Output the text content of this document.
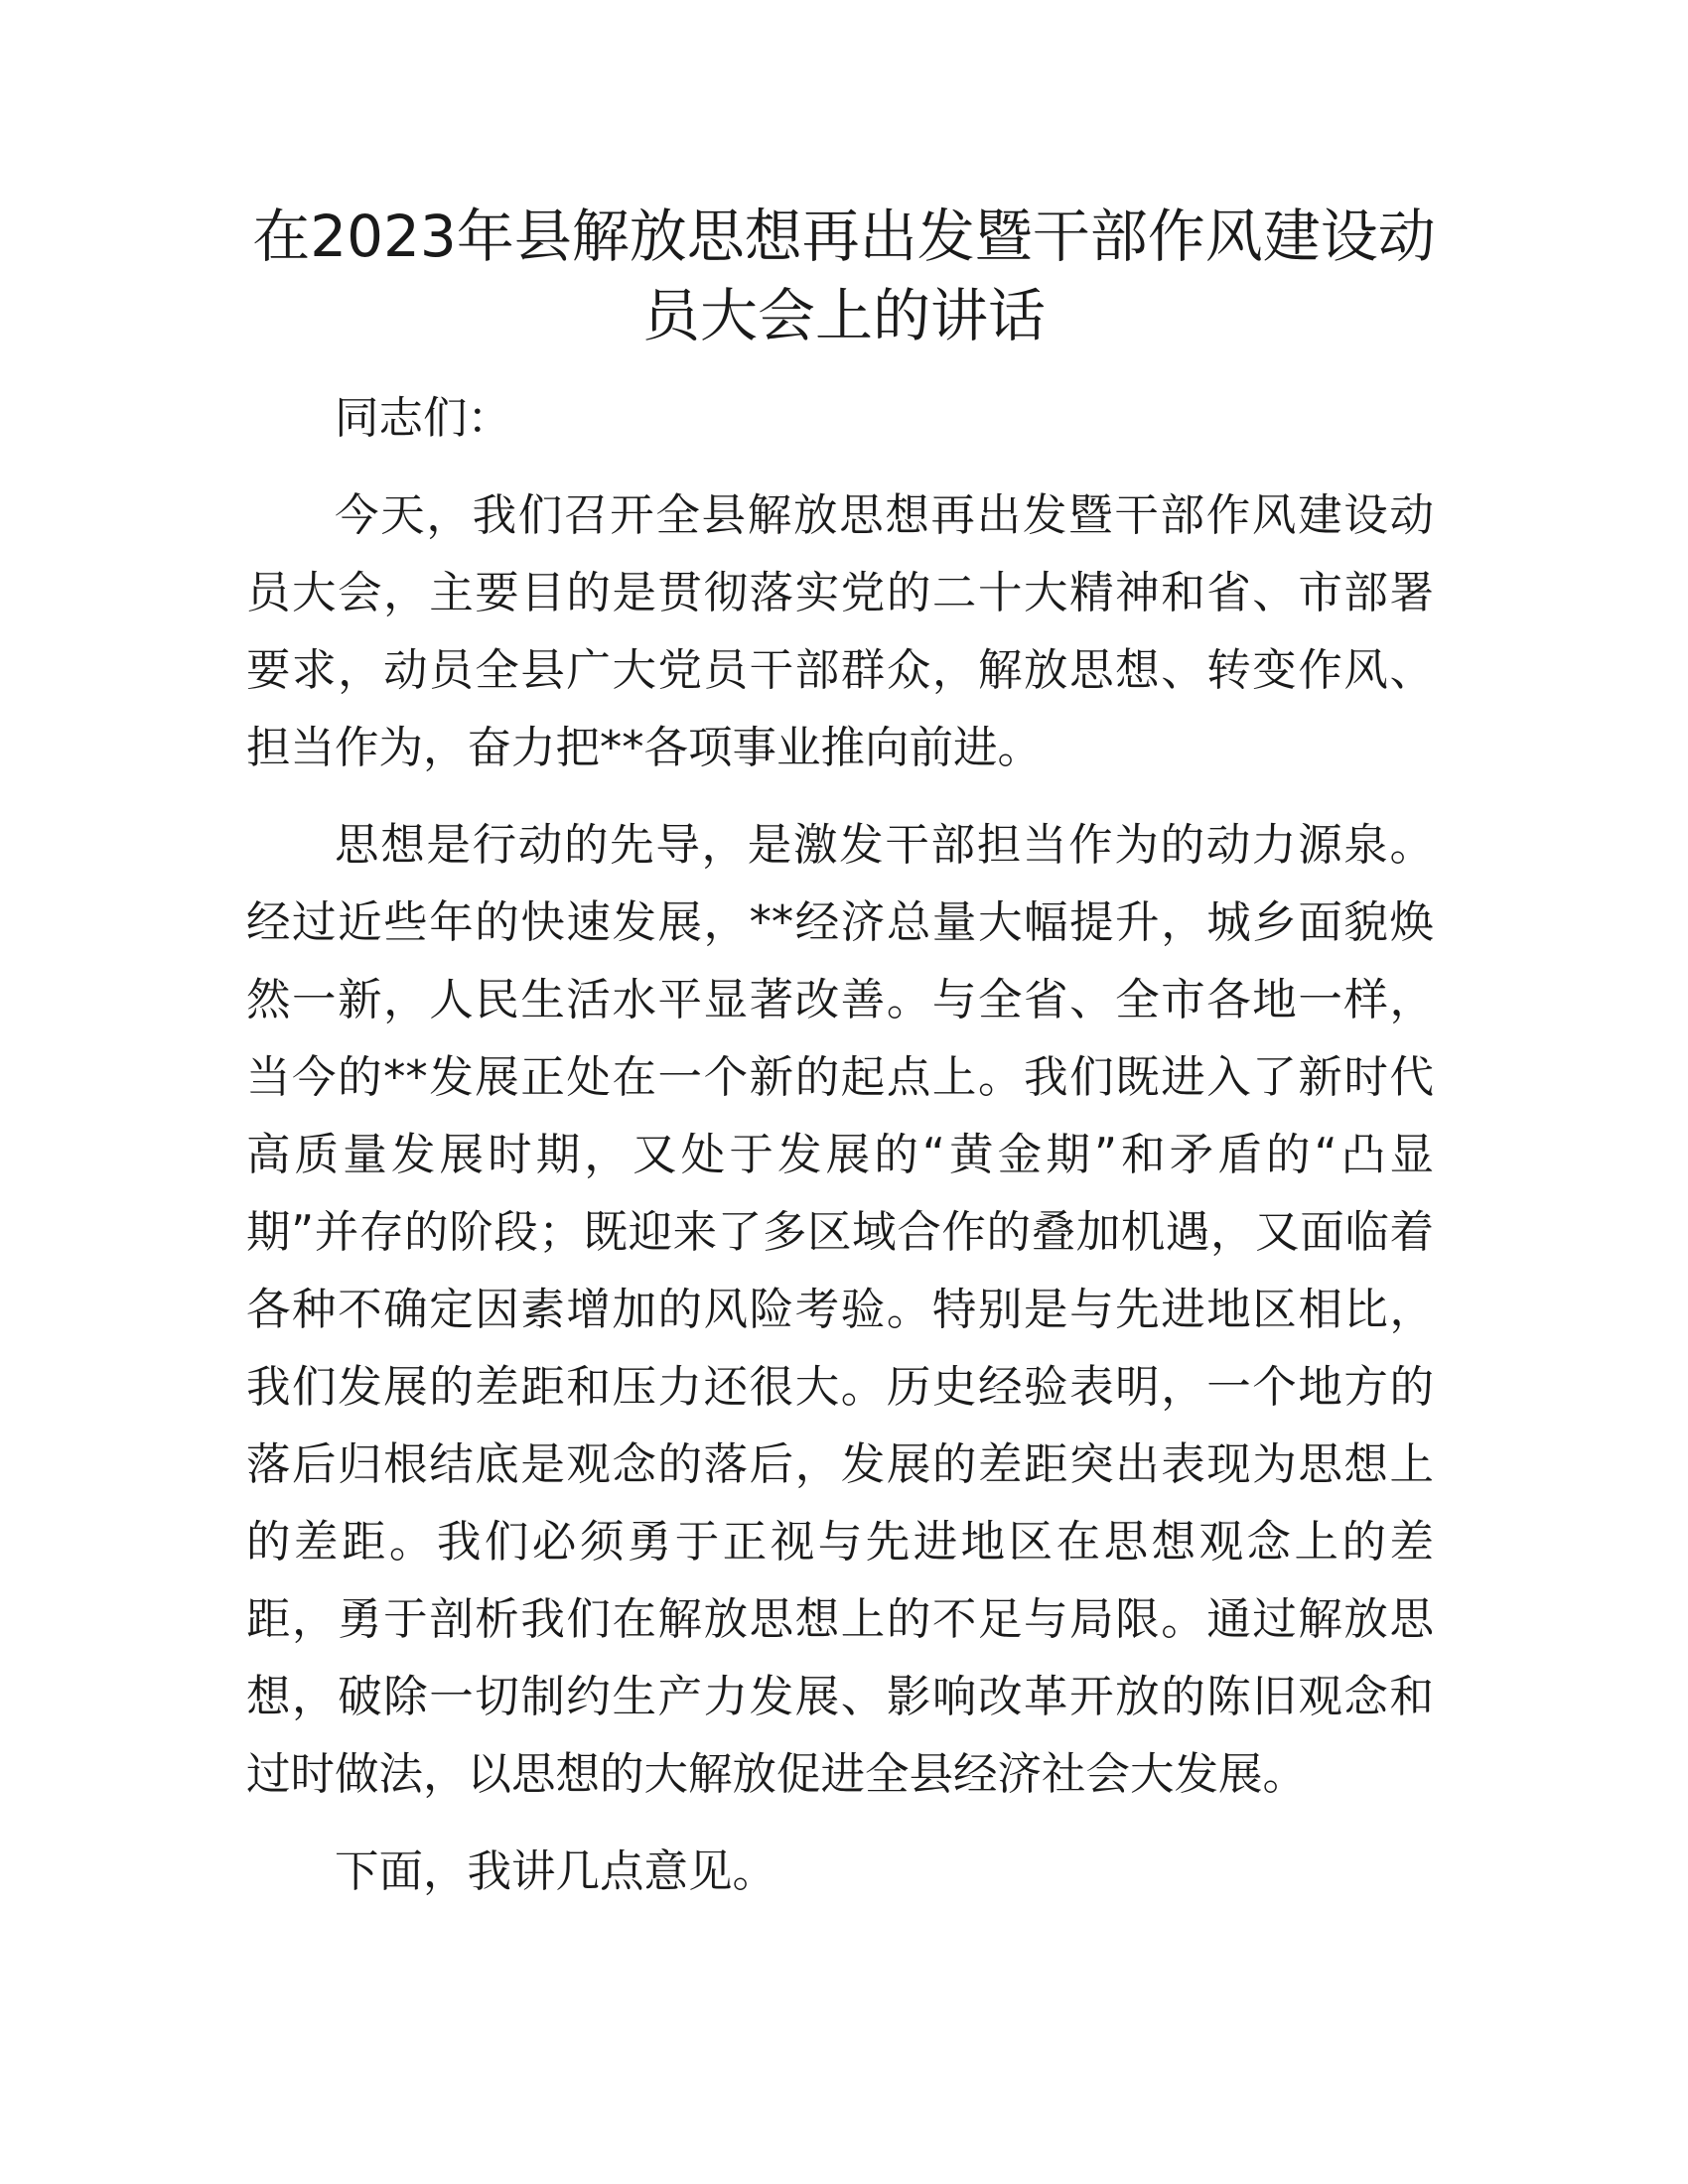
在2023年县解放思想再出发暨干部作风建设动员大会上的讲话

同志们：

今天，我们召开全县解放思想再出发暨干部作风建设动员大会，主要目的是贯彻落实党的二十大精神和省、市部署要求，动员全县广大党员干部群众，解放思想、转变作风、担当作为，奋力把**各项事业推向前进。

思想是行动的先导，是激发干部担当作为的动力源泉。经过近些年的快速发展，**经济总量大幅提升，城乡面貌焕然一新，人民生活水平显著改善。与全省、全市各地一样，当今的**发展正处在一个新的起点上。我们既进入了新时代高质量发展时期，又处于发展的“黄金期”和矛盾的“凸显期”并存的阶段；既迎来了多区域合作的叠加机遇，又面临着各种不确定因素增加的风险考验。特别是与先进地区相比，我们发展的差距和压力还很大。历史经验表明，一个地方的落后归根结底是观念的落后，发展的差距突出表现为思想上的差距。我们必须勇于正视与先进地区在思想观念上的差距，勇于剖析我们在解放思想上的不足与局限。通过解放思想，破除一切制约生产力发展、影响改革开放的陈旧观念和过时做法，以思想的大解放促进全县经济社会大发展。

下面，我讲几点意见。
